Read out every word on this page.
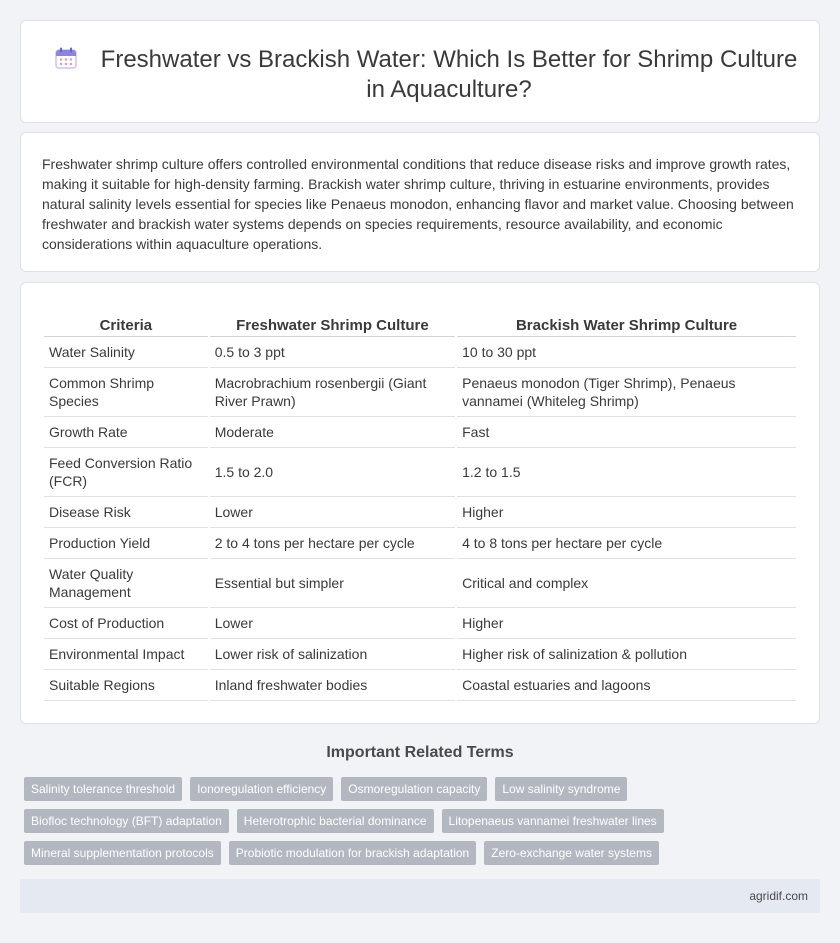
Freshwater vs Brackish Water: Which Is Better for Shrimp Culture in Aquaculture?

Freshwater shrimp culture offers controlled environmental conditions that reduce disease risks and improve growth rates, making it suitable for high-density farming. Brackish water shrimp culture, thriving in estuarine environments, provides natural salinity levels essential for species like Penaeus monodon, enhancing flavor and market value. Choosing between freshwater and brackish water systems depends on species requirements, resource availability, and economic considerations within aquaculture operations.

Criteria	Freshwater Shrimp Culture	Brackish Water Shrimp Culture
Water Salinity	0.5 to 3 ppt	10 to 30 ppt
Common Shrimp Species	Macrobrachium rosenbergii (Giant River Prawn)	Penaeus monodon (Tiger Shrimp), Penaeus vannamei (Whiteleg Shrimp)
Growth Rate	Moderate	Fast
Feed Conversion Ratio (FCR)	1.5 to 2.0	1.2 to 1.5
Disease Risk	Lower	Higher
Production Yield	2 to 4 tons per hectare per cycle	4 to 8 tons per hectare per cycle
Water Quality Management	Essential but simpler	Critical and complex
Cost of Production	Lower	Higher
Environmental Impact	Lower risk of salinization	Higher risk of salinization & pollution
Suitable Regions	Inland freshwater bodies	Coastal estuaries and lagoons
Important Related Terms
Salinity tolerance threshold	Ionoregulation efficiency	Osmoregulation capacity	Low salinity syndrome
Biofloc technology (BFT) adaptation	Heterotrophic bacterial dominance	Litopenaeus vannamei freshwater lines
Mineral supplementation protocols	Probiotic modulation for brackish adaptation	Zero-exchange water systems
agridif.com
